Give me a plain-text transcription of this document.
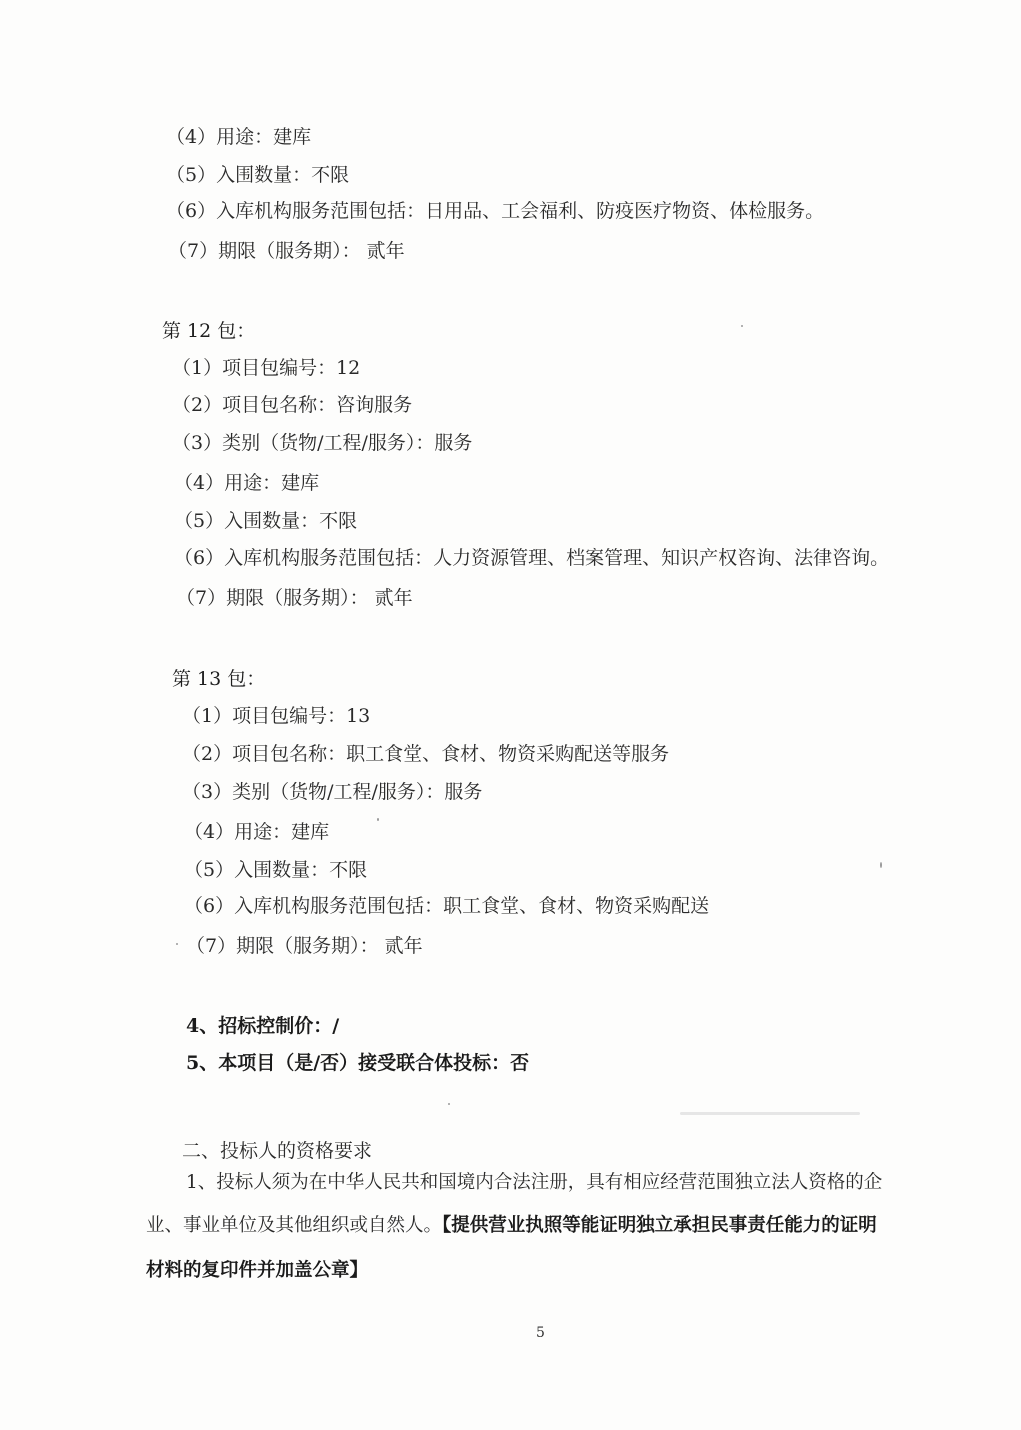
（4）用途：建库
（5）入围数量：不限
（6）入库机构服务范围包括：日用品、工会福利、防疫医疗物资、体检服务。
（7）期限（服务期）： 贰年
第 12 包：
（1）项目包编号：12
（2）项目包名称：咨询服务
（3）类别（货物/工程/服务）：服务
（4）用途：建库
（5）入围数量：不限
（6）入库机构服务范围包括：人力资源管理、档案管理、知识产权咨询、法律咨询。
（7）期限（服务期）： 贰年
第 13 包：
（1）项目包编号：13
（2）项目包名称：职工食堂、食材、物资采购配送等服务
（3）类别（货物/工程/服务）：服务
（4）用途：建库
（5）入围数量：不限
（6）入库机构服务范围包括：职工食堂、食材、物资采购配送
（7）期限（服务期）： 贰年
4、招标控制价：/
5、本项目（是/否）接受联合体投标：否
二、投标人的资格要求
1、投标人须为在中华人民共和国境内合法注册，具有相应经营范围独立法人资格的企
业、事业单位及其他组织或自然人。【提供营业执照等能证明独立承担民事责任能力的证明
材料的复印件并加盖公章】
5
